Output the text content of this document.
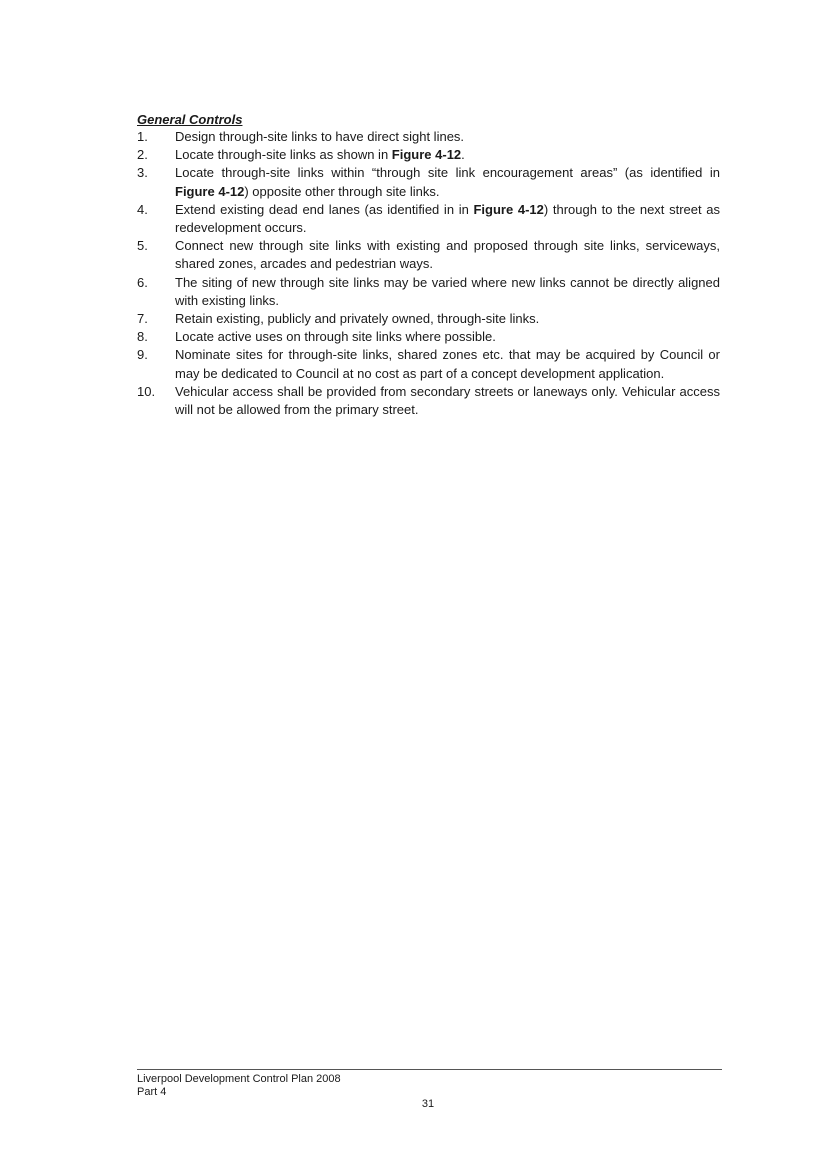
General Controls

1.	Design through-site links to have direct sight lines.
2.	Locate through-site links as shown in Figure 4-12.
3.	Locate through-site links within “through site link encouragement areas” (as identified in Figure 4-12) opposite other through site links.
4.	Extend existing dead end lanes (as identified in in Figure 4-12) through to the next street as redevelopment occurs.
5.	Connect new through site links with existing and proposed through site links, serviceways, shared zones, arcades and pedestrian ways.
6.	The siting of new through site links may be varied where new links cannot be directly aligned with existing links.
7.	Retain existing, publicly and privately owned, through-site links.
8.	Locate active uses on through site links where possible.
9.	Nominate sites for through-site links, shared zones etc. that may be acquired by Council or may be dedicated to Council at no cost as part of a concept development application.
10.	Vehicular access shall be provided from secondary streets or laneways only. Vehicular access will not be allowed from the primary street.
Liverpool Development Control Plan 2008
Part 4
31
